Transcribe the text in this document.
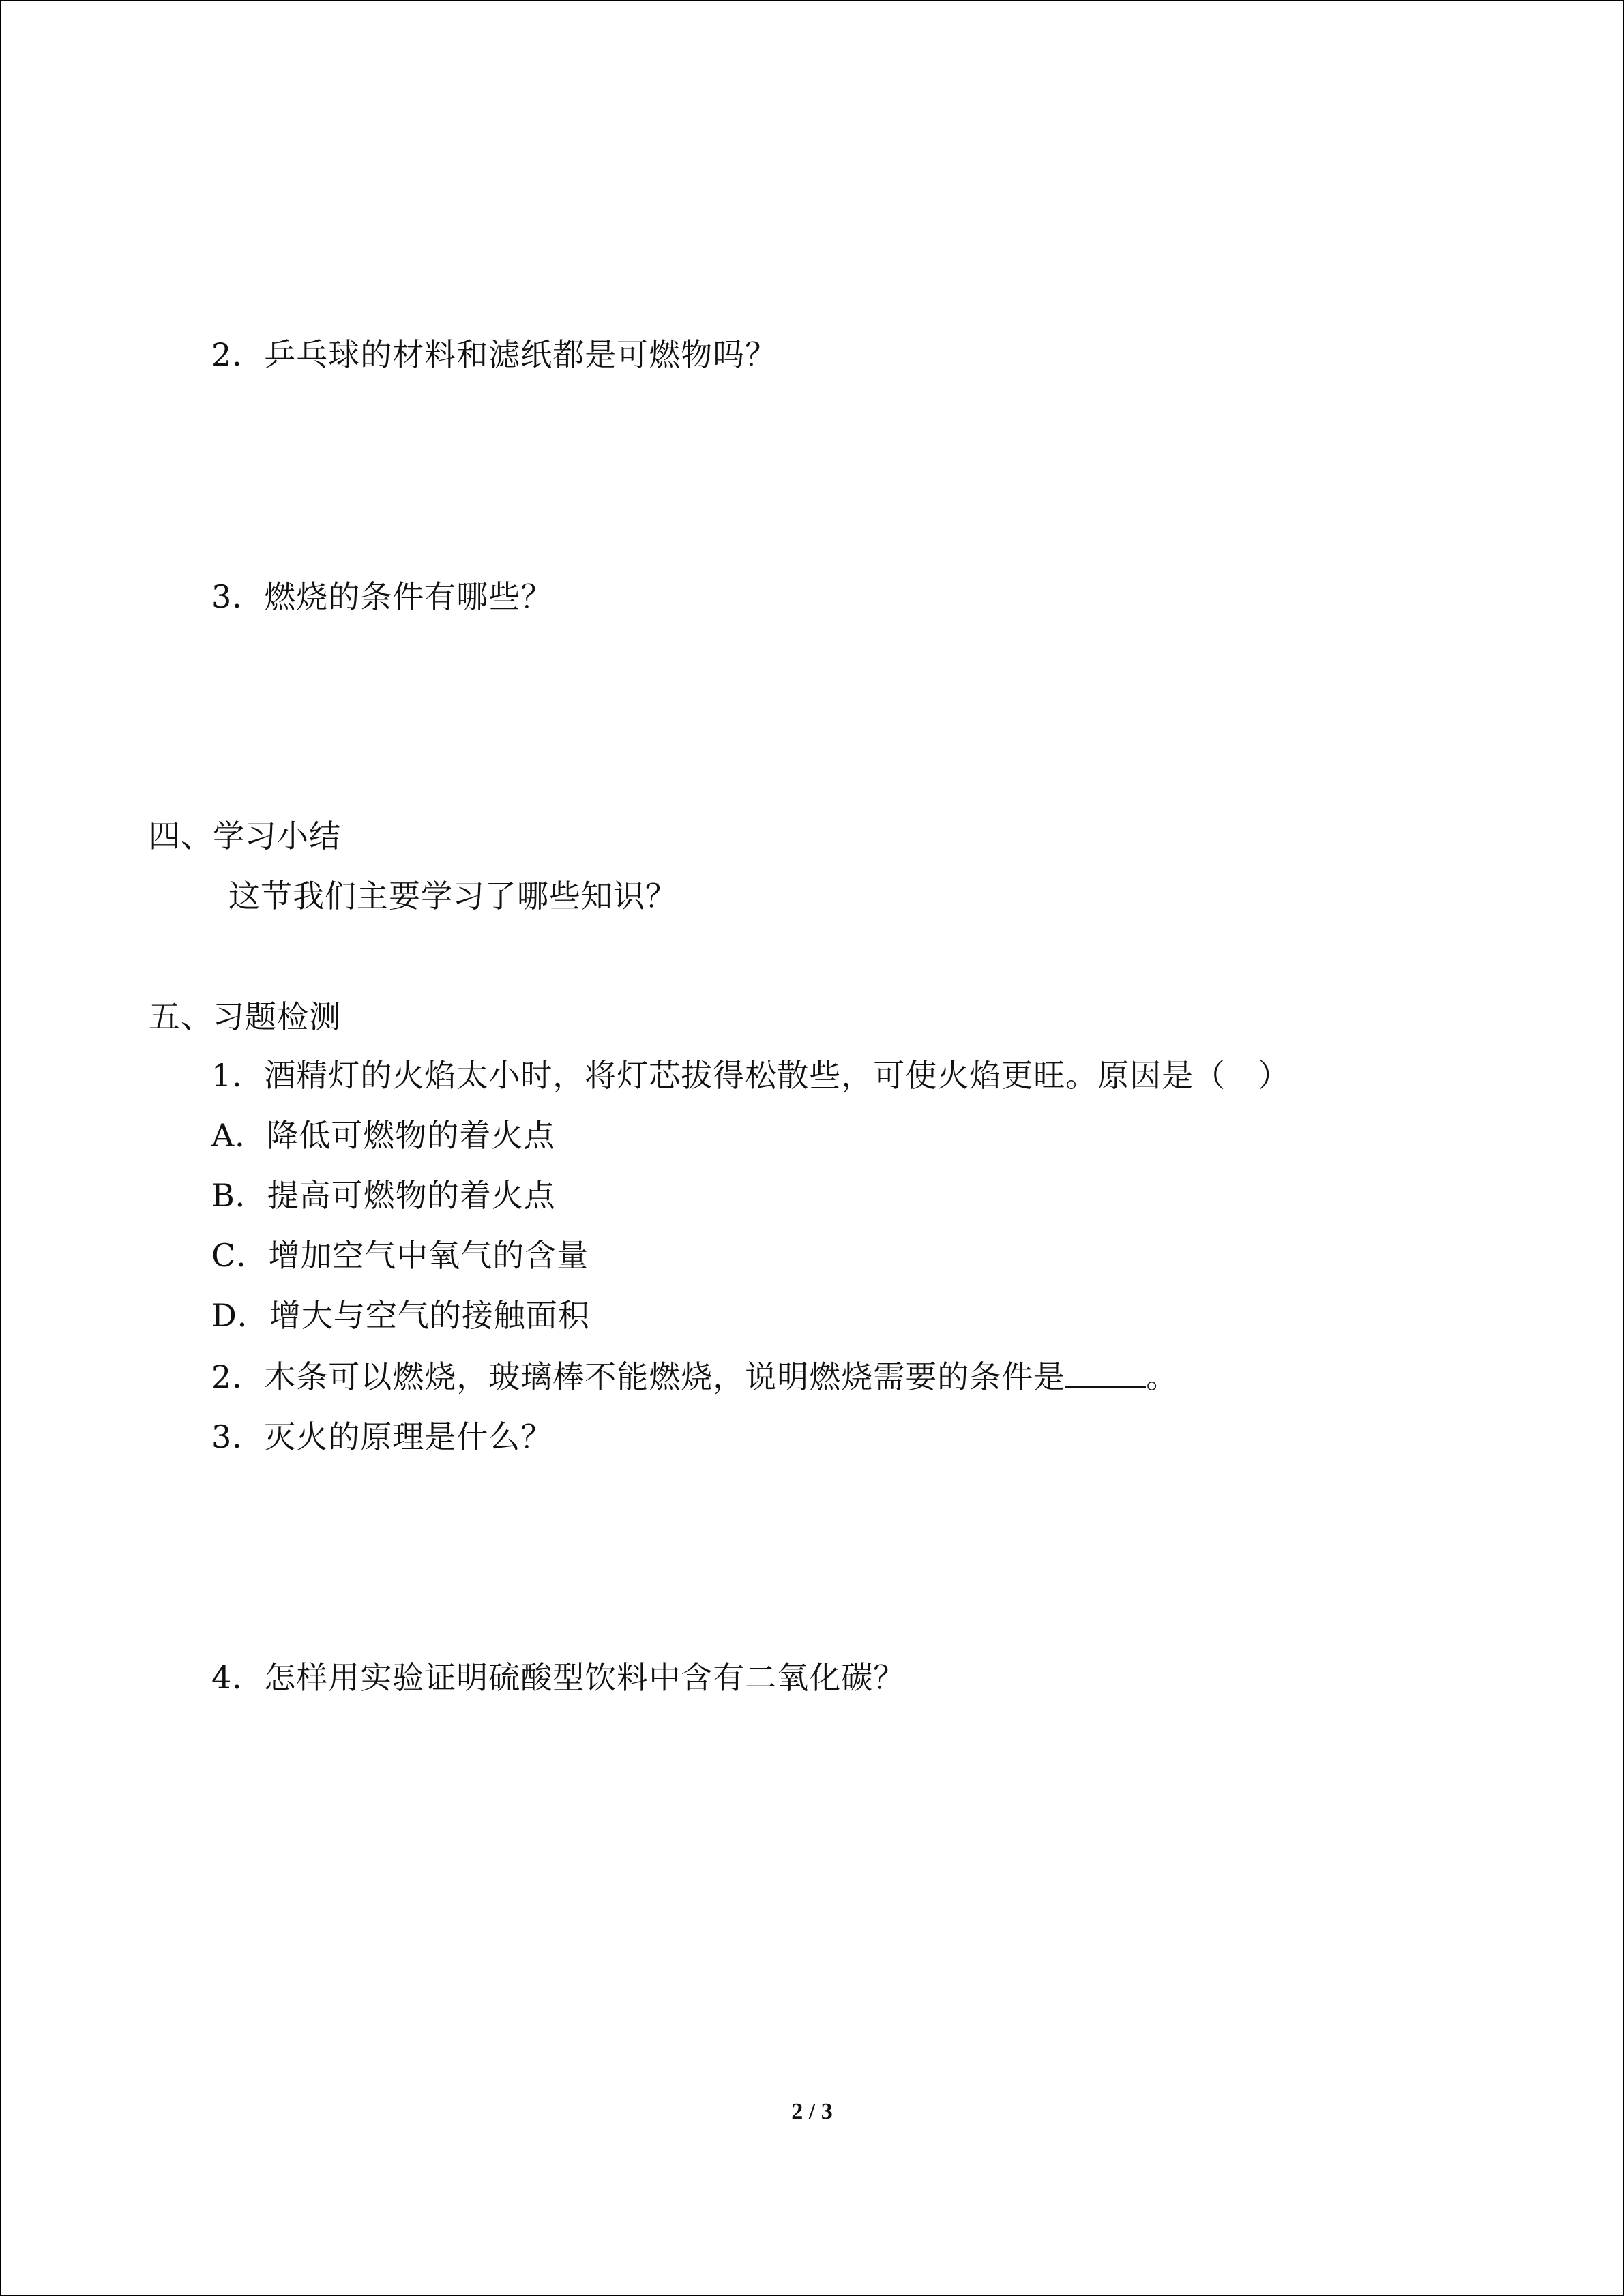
2．乒乓球的材料和滤纸都是可燃物吗？
3．燃烧的条件有哪些？
四、学习小结
这节我们主要学习了哪些知识？
五、习题检测
1．酒精灯的火焰太小时，将灯芯拔得松散些，可使火焰更旺。原因是（　）
A．降低可燃物的着火点
B．提高可燃物的着火点
C．增加空气中氧气的含量
D．增大与空气的接触面积
2．木条可以燃烧，玻璃棒不能燃烧，说明燃烧需要的条件是	。
3．灭火的原理是什么？
4．怎样用实验证明硫酸型饮料中含有二氧化碳？
2 / 3
